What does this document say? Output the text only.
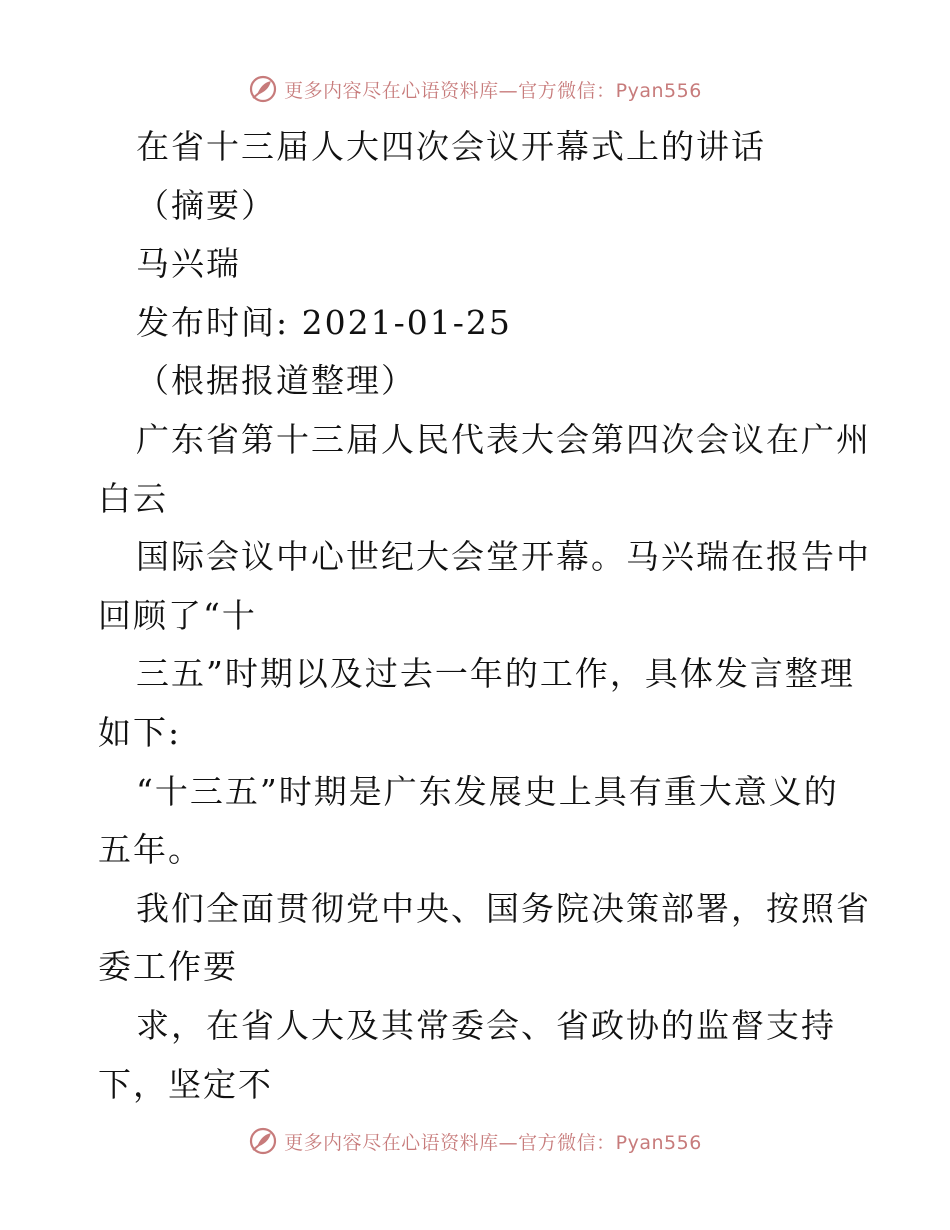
更多内容尽在心语资料库—官方微信：Pyan556
在省十三届人大四次会议开幕式上的讲话
（摘要）
马兴瑞
发布时间: 2021-01-25
（根据报道整理）
广东省第十三届人民代表大会第四次会议在广州
白云
国际会议中心世纪大会堂开幕。马兴瑞在报告中
回顾了“十
三五”时期以及过去一年的工作，具体发言整理
如下:
“十三五”时期是广东发展史上具有重大意义的
五年。
我们全面贯彻党中央、国务院决策部署，按照省
委工作要
求，在省人大及其常委会、省政协的监督支持
下，坚定不
更多内容尽在心语资料库—官方微信：Pyan556
